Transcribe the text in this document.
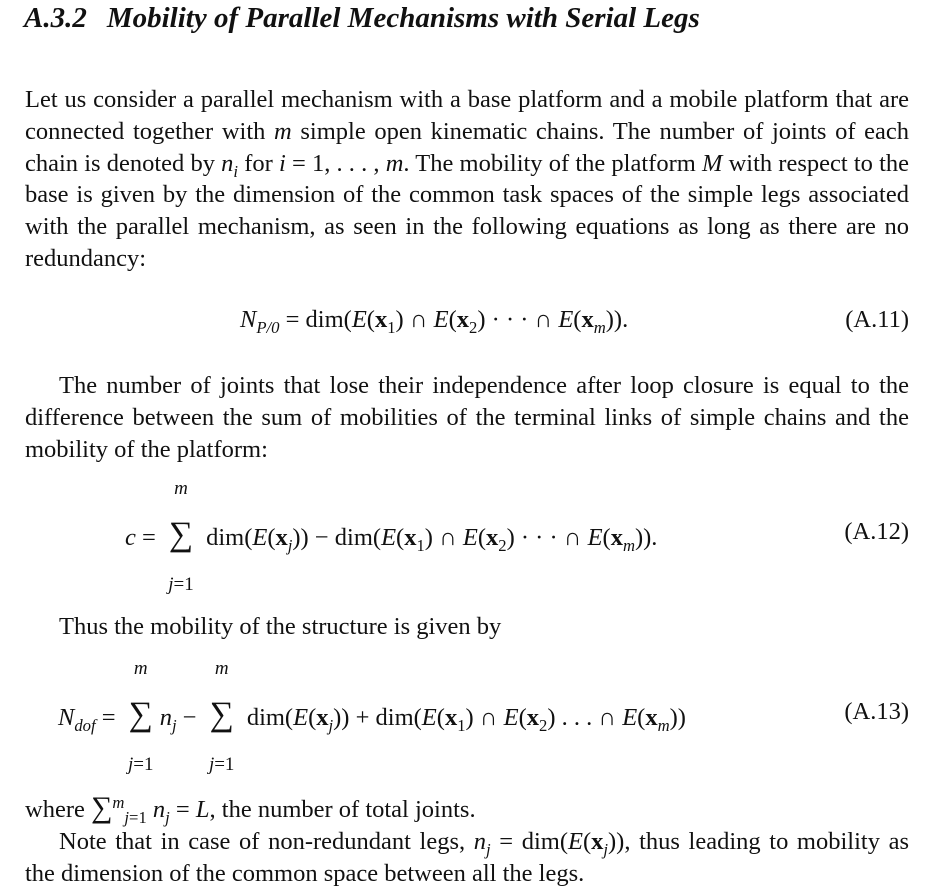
A.3.2 Mobility of Parallel Mechanisms with Serial Legs

Let us consider a parallel mechanism with a base platform and a mobile platform that are connected together with m simple open kinematic chains. The number of joints of each chain is denoted by $n_i$ for i = 1, . . . , m. The mobility of the platform M with respect to the base is given by the dimension of the common task spaces of the simple legs associated with the parallel mechanism, as seen in the following equations as long as there are no redundancy:

$N_{P/0} = dim(E(x_1)$ ∩ $E(x_2)$ · · · ∩ $E(x_m)$).	(A.11)

The number of joints that lose their independence after loop closure is equal to the difference between the sum of mobilities of the terminal links of simple chains and the mobility of the platform:

c = ∑
m
j=1
$dim(E(x_j)) - dim(E(x_1)$ ∩ $E(x_2)$ · · · ∩ $E(x_m)$).	(A.12)

Thus the mobility of the structure is given by

$N_{dof}$ = ∑
m
j=1
$n_j$ − ∑
m
j=1
$dim(E(x_j)) + dim(E(x_1)$ ∩ $E(x_2)$ . . . ∩ $E(x_m)$)	(A.13)

where ∑$^m_{j=1}$ $n_j = L$, the number of total joints.

Note that in case of non-redundant legs, $n_j = dim(E(x_j))$, thus leading to mobility as the dimension of the common space between all the legs.
